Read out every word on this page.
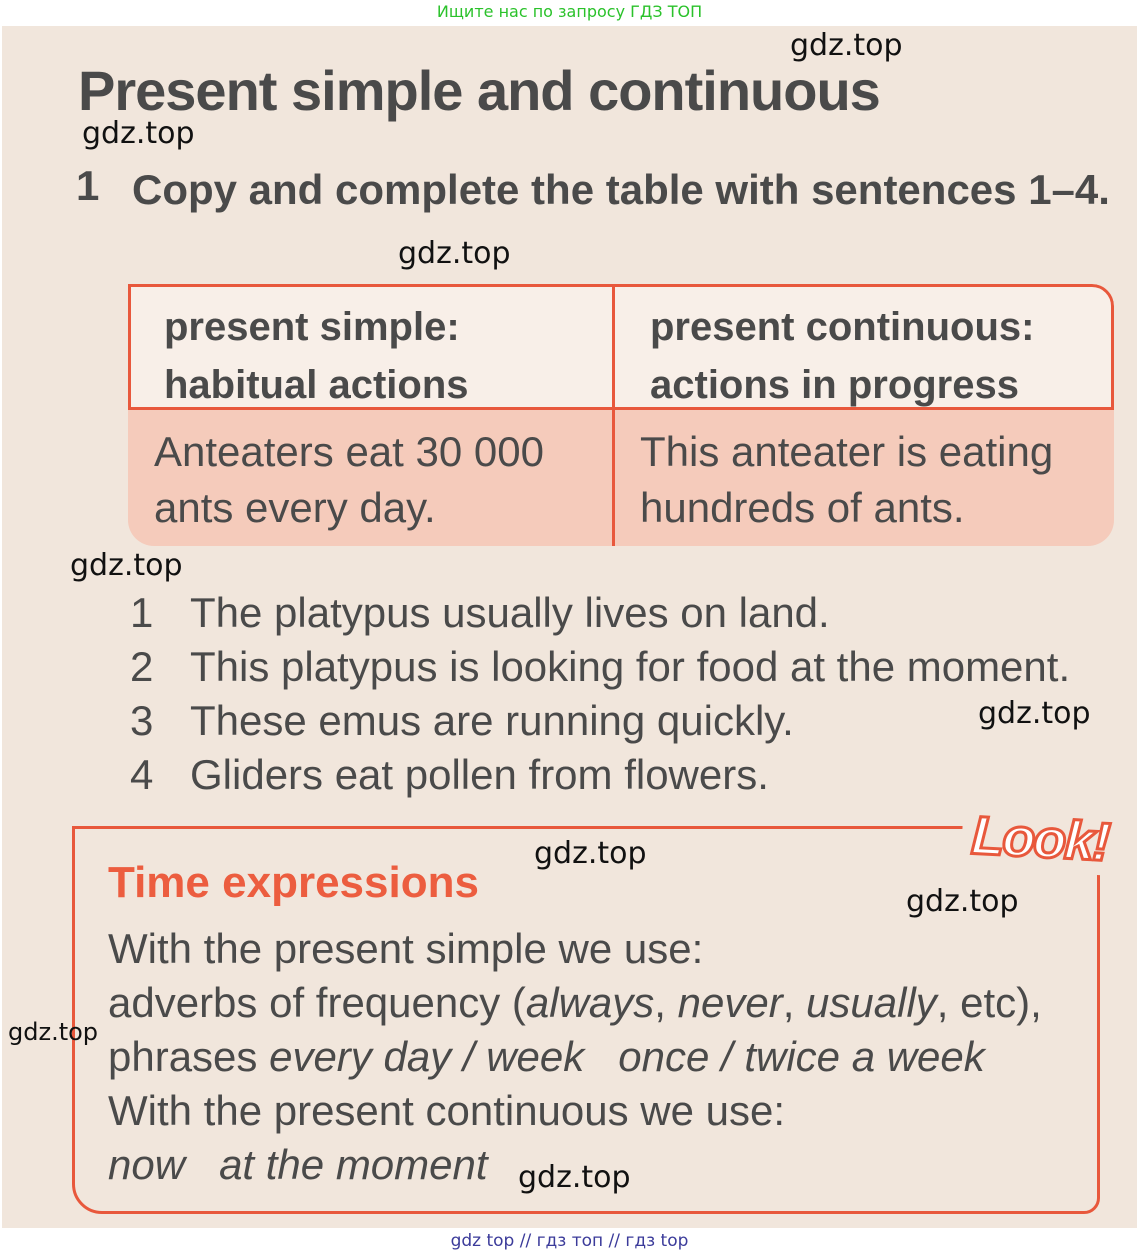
Ищите нас по запросу ГДЗ ТОП
Present simple and continuous
1 Copy and complete the table with sentences 1–4.
present simple:
habitual actions
present continuous:
actions in progress
Anteaters eat 30 000
ants every day.
This anteater is eating
hundreds of ants.
1 The platypus usually lives on land.
2 This platypus is looking for food at the moment.
3 These emus are running quickly.
4 Gliders eat pollen from flowers.
Look!
Time expressions
With the present simple we use:
adverbs of frequency (always, never, usually, etc),
phrases every day / week once / twice a week
With the present continuous we use:
now at the moment
gdz.top
gdz.top
gdz.top
gdz.top
gdz.top
gdz.top
gdz.top
gdz.top
gdz.top
gdz top // гдз топ // гдз top
